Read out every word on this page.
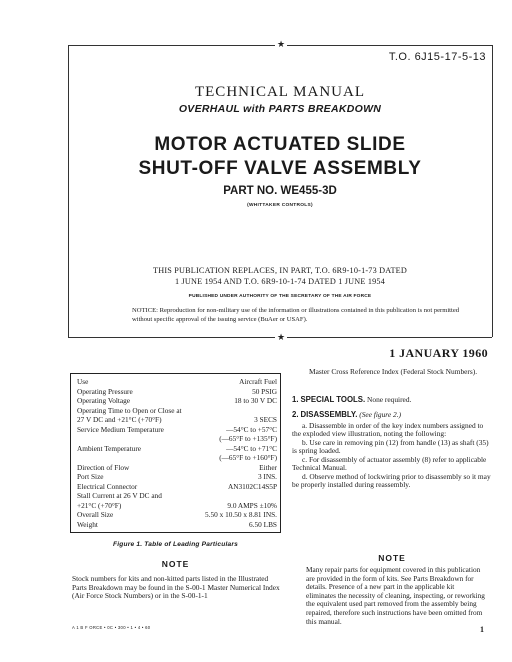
★
★
T.O. 6J15-17-5-13
TECHNICAL MANUAL
OVERHAUL with PARTS BREAKDOWN
MOTOR ACTUATED SLIDE
SHUT-OFF VALVE ASSEMBLY
PART NO. WE455-3D
(WHITTAKER CONTROLS)
THIS PUBLICATION REPLACES, IN PART, T.O. 6R9-10-1-73 DATED
1 JUNE 1954 AND T.O. 6R9-10-1-74 DATED 1 JUNE 1954
PUBLISHED UNDER AUTHORITY OF THE SECRETARY OF THE AIR FORCE
NOTICE: Reproduction for non-military use of the information or illustrations contained in this publication is not permitted without specific approval of the issuing service (BuAer or USAF).
1 JANUARY 1960
Use	Aircraft Fuel
Operating Pressure	50 PSIG
Operating Voltage	18 to 30 V DC
Operating Time to Open or Close at
27 V DC and +21°C (+70°F)	3 SECS
Service Medium Temperature	—54°C to +57°C
(—65°F to +135°F)
Ambient Temperature	—54°C to +71°C
(—65°F to +160°F)
Direction of Flow	Either
Port Size	3 INS.
Electrical Connector	AN3102C14S5P
Stall Current at 26 V DC and
+21°C (+70°F)	9.0 AMPS ±10%
Overall Size	5.50 x 10.50 x 8.81 INS.
Weight	6.50 LBS
Figure 1. Table of Leading Particulars
NOTE
Stock numbers for kits and non-kitted parts listed in the Illustrated Parts Breakdown may be found in the S-00-1 Master Numerical Index (Air Force Stock Numbers) or in the S-00-1-1
Master Cross Reference Index (Federal Stock Numbers).
1. SPECIAL TOOLS. None required.
2. DISASSEMBLY. (See figure 2.)
a. Disassemble in order of the key index numbers assigned to the exploded view illustration, noting the following:
b. Use care in removing pin (12) from handle (13) as shaft (35) is spring loaded.
c. For disassembly of actuator assembly (8) refer to applicable Technical Manual.
d. Observe method of lockwiring prior to disassembly so it may be properly installed during reassembly.
NOTE
Many repair parts for equipment covered in this publication are provided in the form of kits. See Parts Breakdown for details. Presence of a new part in the applicable kit eliminates the necessity of cleaning, inspecting, or reworking the equivalent used part removed from the assembly being repaired, therefore such instructions have been omitted from this manual.
A 1 B F ORCE • 0C • 300 • 1 • 4 • 60	1
